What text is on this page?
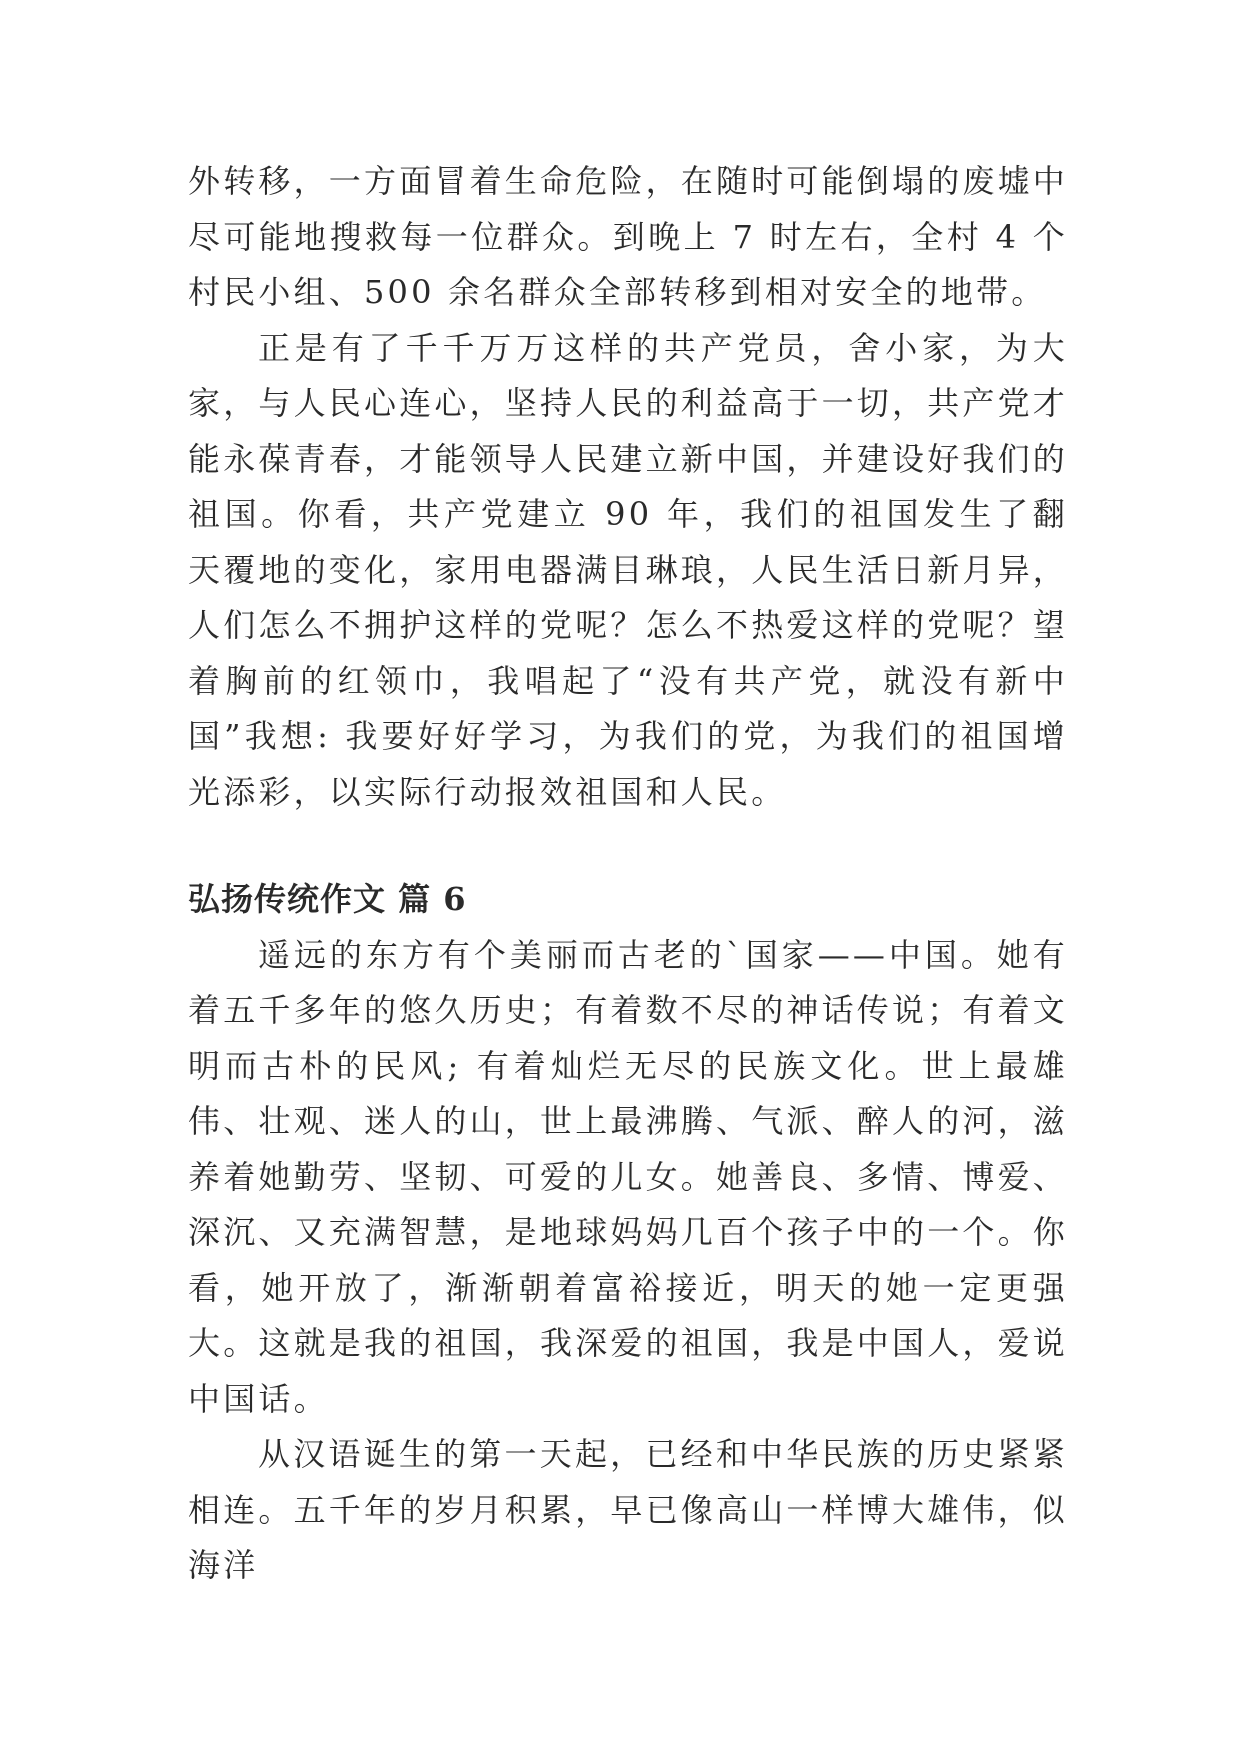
外转移，一方面冒着生命危险，在随时可能倒塌的废墟中尽可能地搜救每一位群众。到晚上 7 时左右，全村 4 个村民小组、500 余名群众全部转移到相对安全的地带。

正是有了千千万万这样的共产党员，舍小家，为大家，与人民心连心，坚持人民的利益高于一切，共产党才能永葆青春，才能领导人民建立新中国，并建设好我们的祖国。你看，共产党建立 90 年，我们的祖国发生了翻天覆地的变化，家用电器满目琳琅，人民生活日新月异，人们怎么不拥护这样的党呢？怎么不热爱这样的党呢？望着胸前的红领巾，我唱起了“没有共产党，就没有新中国”我想: 我要好好学习，为我们的党，为我们的祖国增光添彩，以实际行动报效祖国和人民。

弘扬传统作文 篇 6

遥远的东方有个美丽而古老的`国家——中国。她有着五千多年的悠久历史；有着数不尽的神话传说；有着文明而古朴的民风; 有着灿烂无尽的民族文化。世上最雄伟、壮观、迷人的山，世上最沸腾、气派、醉人的河，滋养着她勤劳、坚韧、可爱的儿女。她善良、多情、博爱、深沉、又充满智慧，是地球妈妈几百个孩子中的一个。你看，她开放了，渐渐朝着富裕接近，明天的她一定更强大。这就是我的祖国，我深爱的祖国，我是中国人，爱说中国话。

从汉语诞生的第一天起，已经和中华民族的历史紧紧相连。五千年的岁月积累，早已像高山一样博大雄伟，似海洋
